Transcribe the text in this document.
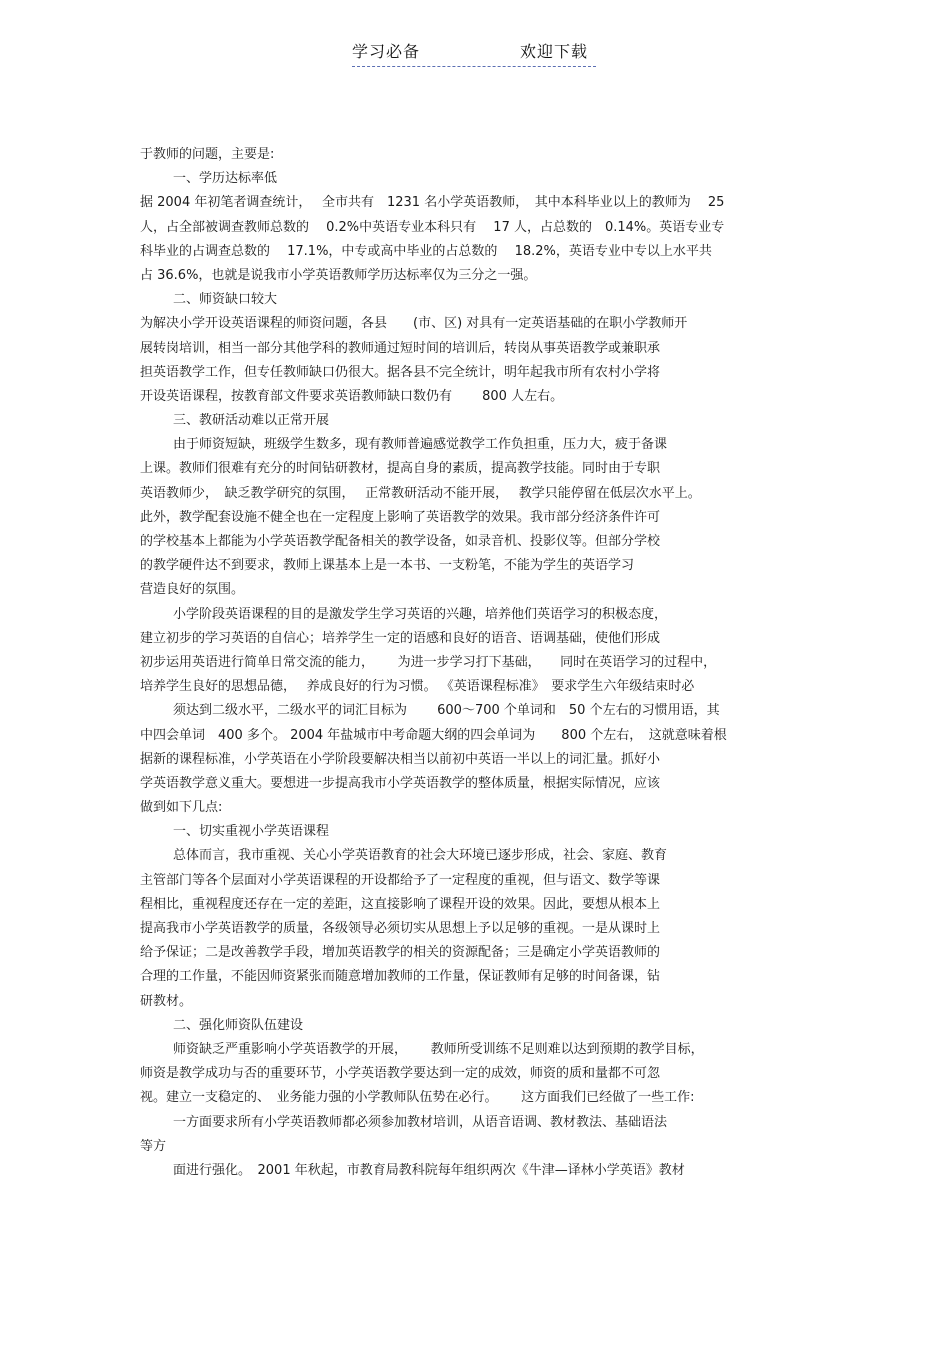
学习必备	欢迎下载
于教师的问题，主要是:
一、学历达标率低
据 2004 年初笔者调查统计，　 全市共有　1231 名小学英语教师，　其中本科毕业以上的教师为　 25
人，占全部被调查教师总数的　 0.2%中英语专业本科只有　 17 人，占总数的　0.14%。英语专业专
科毕业的占调查总数的　 17.1%，中专或高中毕业的占总数的　 18.2%，英语专业中专以上水平共
占 36.6%，也就是说我市小学英语教师学历达标率仅为三分之一强。
二、师资缺口较大
为解决小学开设英语课程的师资问题，各县　　(市、区) 对具有一定英语基础的在职小学教师开
展转岗培训，相当一部分其他学科的教师通过短时间的培训后，转岗从事英语教学或兼职承
担英语教学工作，但专任教师缺口仍很大。据各县不完全统计，明年起我市所有农村小学将
开设英语课程，按教育部文件要求英语教师缺口数仍有　　 800 人左右。
三、教研活动难以正常开展
由于师资短缺，班级学生数多，现有教师普遍感觉教学工作负担重，压力大，疲于备课
上课。教师们很难有充分的时间钻研教材，提高自身的素质，提高教学技能。同时由于专职
英语教师少，　缺乏教学研究的氛围，　 正常教研活动不能开展，　 教学只能停留在低层次水平上。
此外，教学配套设施不健全也在一定程度上影响了英语教学的效果。我市部分经济条件许可
的学校基本上都能为小学英语教学配备相关的教学设备，如录音机、投影仪等。但部分学校
的教学硬件达不到要求，教师上课基本上是一本书、一支粉笔，不能为学生的英语学习
营造良好的氛围。
小学阶段英语课程的目的是激发学生学习英语的兴趣，培养他们英语学习的积极态度，
建立初步的学习英语的自信心；培养学生一定的语感和良好的语音、语调基础，使他们形成
初步运用英语进行简单日常交流的能力，　　 为进一步学习打下基础，　　同时在英语学习的过程中，
培养学生良好的思想品德，　 养成良好的行为习惯。 《英语课程标准》　要求学生六年级结束时必
须达到二级水平，二级水平的词汇目标为　　 600～700 个单词和　50 个左右的习惯用语，其
中四会单词　400 多个。 2004 年盐城市中考命题大纲的四会单词为　　800 个左右，　这就意味着根
据新的课程标准，小学英语在小学阶段要解决相当以前初中英语一半以上的词汇量。抓好小
学英语教学意义重大。要想进一步提高我市小学英语教学的整体质量，根据实际情况，应该
做到如下几点:
一、切实重视小学英语课程
总体而言，我市重视、关心小学英语教育的社会大环境已逐步形成，社会、家庭、教育
主管部门等各个层面对小学英语课程的开设都给予了一定程度的重视，但与语文、数学等课
程相比，重视程度还存在一定的差距，这直接影响了课程开设的效果。因此，要想从根本上
提高我市小学英语教学的质量，各级领导必须切实从思想上予以足够的重视。一是从课时上
给予保证；二是改善教学手段，增加英语教学的相关的资源配备；三是确定小学英语教师的
合理的工作量，不能因师资紧张而随意增加教师的工作量，保证教师有足够的时间备课，钻
研教材。
二、强化师资队伍建设
师资缺乏严重影响小学英语教学的开展，　　 教师所受训练不足则难以达到预期的教学目标，
师资是教学成功与否的重要环节，小学英语教学要达到一定的成效，师资的质和量都不可忽
视。建立一支稳定的、　业务能力强的小学教师队伍势在必行。　　 这方面我们已经做了一些工作:
一方面要求所有小学英语教师都必须参加教材培训，从语音语调、教材教法、基础语法
等方
面进行强化。　2001 年秋起，市教育局教科院每年组织两次《牛津—译林小学英语》教材
